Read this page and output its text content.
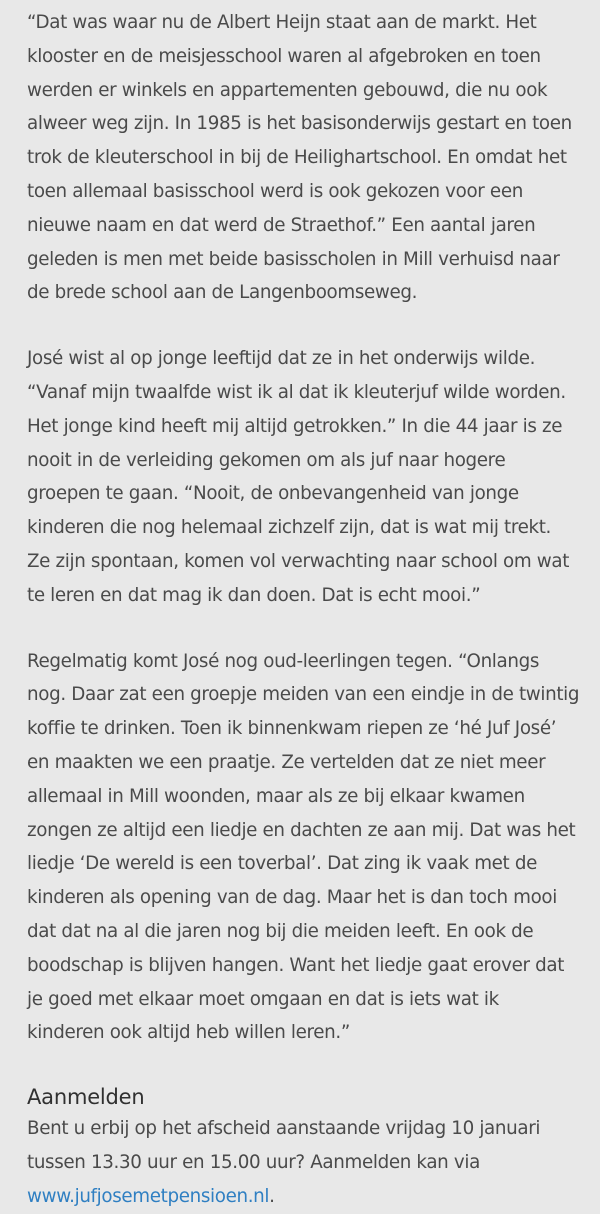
“Dat was waar nu de Albert Heijn staat aan de markt. Het
klooster en de meisjesschool waren al afgebroken en toen
werden er winkels en appartementen gebouwd, die nu ook
alweer weg zijn. In 1985 is het basisonderwijs gestart en toen
trok de kleuterschool in bij de Heilighartschool. En omdat het
toen allemaal basisschool werd is ook gekozen voor een
nieuwe naam en dat werd de Straethof.” Een aantal jaren
geleden is men met beide basisscholen in Mill verhuisd naar
de brede school aan de Langenboomseweg.
José wist al op jonge leeftijd dat ze in het onderwijs wilde.
“Vanaf mijn twaalfde wist ik al dat ik kleuterjuf wilde worden.
Het jonge kind heeft mij altijd getrokken.” In die 44 jaar is ze
nooit in de verleiding gekomen om als juf naar hogere
groepen te gaan. “Nooit, de onbevangenheid van jonge
kinderen die nog helemaal zichzelf zijn, dat is wat mij trekt.
Ze zijn spontaan, komen vol verwachting naar school om wat
te leren en dat mag ik dan doen. Dat is echt mooi.”
Regelmatig komt José nog oud-leerlingen tegen. “Onlangs
nog. Daar zat een groepje meiden van een eindje in de twintig
koffie te drinken. Toen ik binnenkwam riepen ze ‘hé Juf José’
en maakten we een praatje. Ze vertelden dat ze niet meer
allemaal in Mill woonden, maar als ze bij elkaar kwamen
zongen ze altijd een liedje en dachten ze aan mij. Dat was het
liedje ‘De wereld is een toverbal’. Dat zing ik vaak met de
kinderen als opening van de dag. Maar het is dan toch mooi
dat dat na al die jaren nog bij die meiden leeft. En ook de
boodschap is blijven hangen. Want het liedje gaat erover dat
je goed met elkaar moet omgaan en dat is iets wat ik
kinderen ook altijd heb willen leren.”
Aanmelden
Bent u erbij op het afscheid aanstaande vrijdag 10 januari
tussen 13.30 uur en 15.00 uur? Aanmelden kan via
www.jufjosemetpensioen.nl.
